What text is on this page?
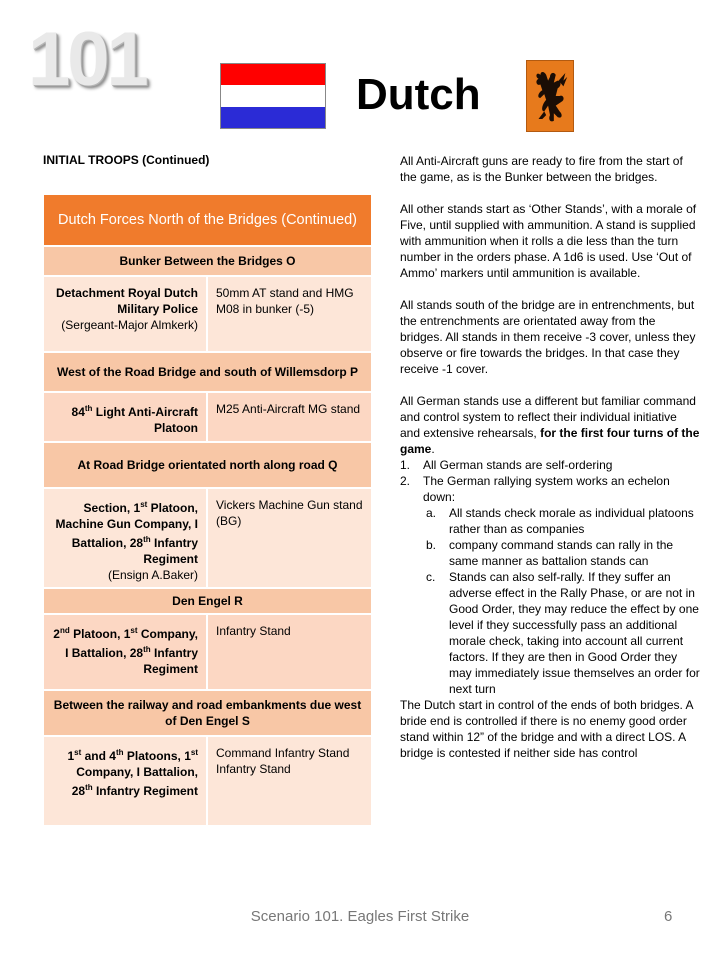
101	Dutch
INITIAL TROOPS (Continued)
Dutch Forces North of the Bridges (Continued)	
Bunker Between the Bridges O	
Detachment Royal Dutch Military Police
(Sergeant-Major Almkerk)	50mm AT stand and HMG M08 in bunker (-5)
West of the Road Bridge and south of Willemsdorp P	
84th Light Anti-Aircraft Platoon	M25 Anti-Aircraft MG stand
At Road Bridge orientated north along road Q	
Section, 1st Platoon, Machine Gun Company, I Battalion, 28th Infantry Regiment
(Ensign A.Baker)	Vickers Machine Gun stand (BG)
Den Engel R	
2nd Platoon, 1st Company, I Battalion, 28th Infantry Regiment	Infantry Stand
Between the railway and road embankments due west of Den Engel S	
1st and 4th Platoons, 1st Company, I Battalion, 28th Infantry Regiment	Command Infantry Stand
Infantry Stand

All Anti-Aircraft guns are ready to fire from the start of the game, as is the Bunker between the bridges.

All other stands start as ‘Other Stands’, with a morale of Five, until supplied with ammunition. A stand is supplied with ammunition when it rolls a die less than the turn number in the orders phase. A 1d6 is used. Use ‘Out of Ammo’ markers until ammunition is available.

All stands south of the bridge are in entrenchments, but the entrenchments are orientated away from the bridges. All stands in them receive -3 cover, unless they observe or fire towards the bridges. In that case they receive -1 cover.

All German stands use a different but familiar command and control system to reflect their individual initiative and extensive rehearsals, for the first four turns of the game.

1. All German stands are self-ordering
2. The German rallying system works an echelon down:
a. All stands check morale as individual platoons rather than as companies
b. company command stands can rally in the same manner as battalion stands can
c. Stands can also self-rally. If they suffer an adverse effect in the Rally Phase, or are not in Good Order, they may reduce the effect by one level if they successfully pass an additional morale check, taking into account all current factors. If they are then in Good Order they may immediately issue themselves an order for next turn

The Dutch start in control of the ends of both bridges. A bride end is controlled if there is no enemy good order stand within 12” of the bridge and with a direct LOS. A bridge is contested if neither side has control

Scenario 101. Eagles First Strike	6
